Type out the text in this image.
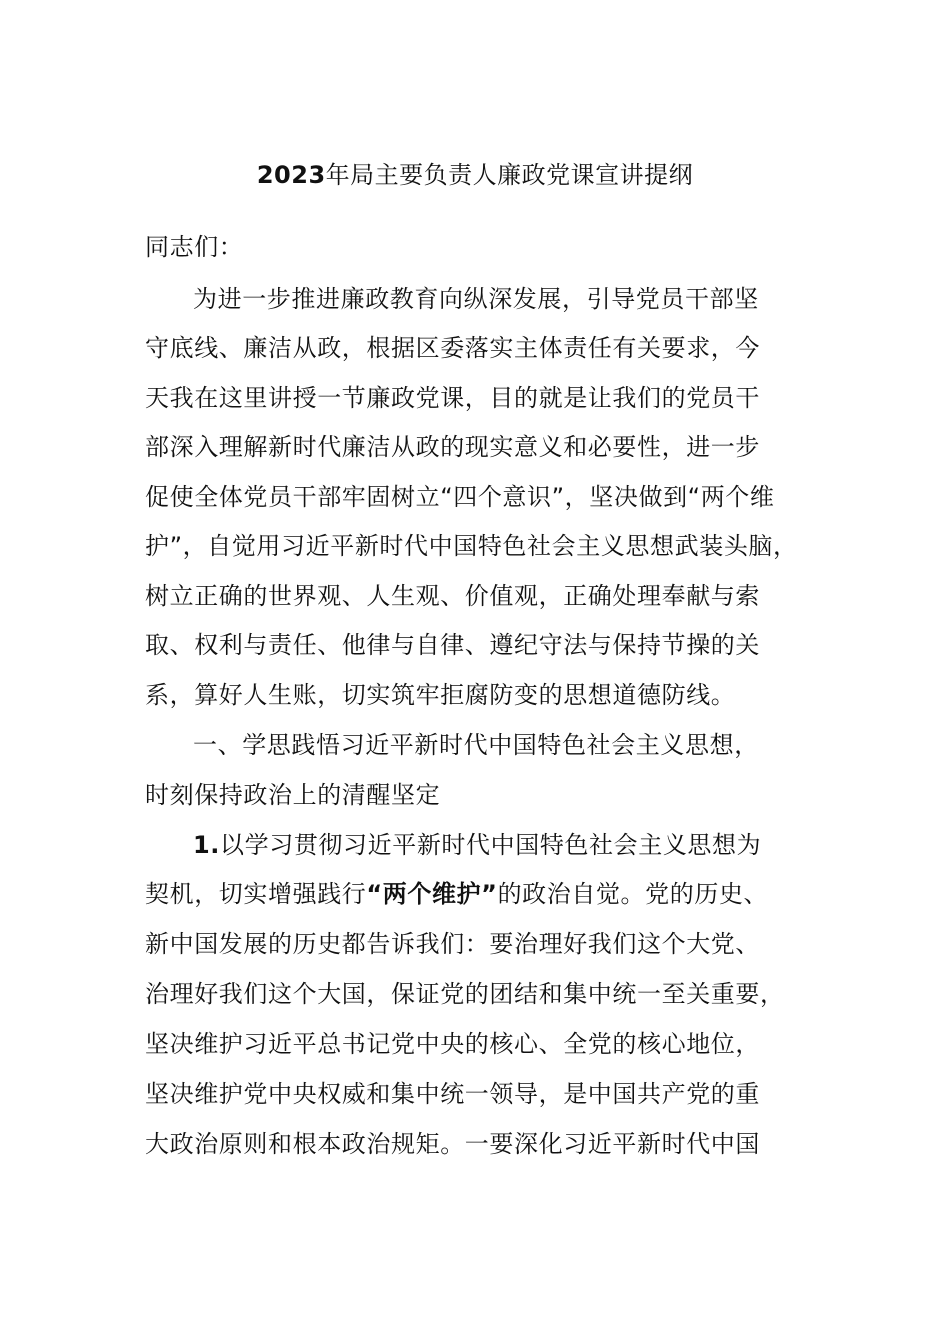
2023年局主要负责人廉政党课宣讲提纲
同志们：
为进一步推进廉政教育向纵深发展，引导党员干部坚
守底线、廉洁从政，根据区委落实主体责任有关要求，今
天我在这里讲授一节廉政党课，目的就是让我们的党员干
部深入理解新时代廉洁从政的现实意义和必要性，进一步
促使全体党员干部牢固树立“四个意识”，坚决做到“两个维
护”，自觉用习近平新时代中国特色社会主义思想武装头脑，
树立正确的世界观、人生观、价值观，正确处理奉献与索
取、权利与责任、他律与自律、遵纪守法与保持节操的关
系，算好人生账，切实筑牢拒腐防变的思想道德防线。
一、学思践悟习近平新时代中国特色社会主义思想，
时刻保持政治上的清醒坚定
1.以学习贯彻习近平新时代中国特色社会主义思想为
契机，切实增强践行“两个维护”的政治自觉。党的历史、
新中国发展的历史都告诉我们：要治理好我们这个大党、
治理好我们这个大国，保证党的团结和集中统一至关重要，
坚决维护习近平总书记党中央的核心、全党的核心地位，
坚决维护党中央权威和集中统一领导，是中国共产党的重
大政治原则和根本政治规矩。一要深化习近平新时代中国
